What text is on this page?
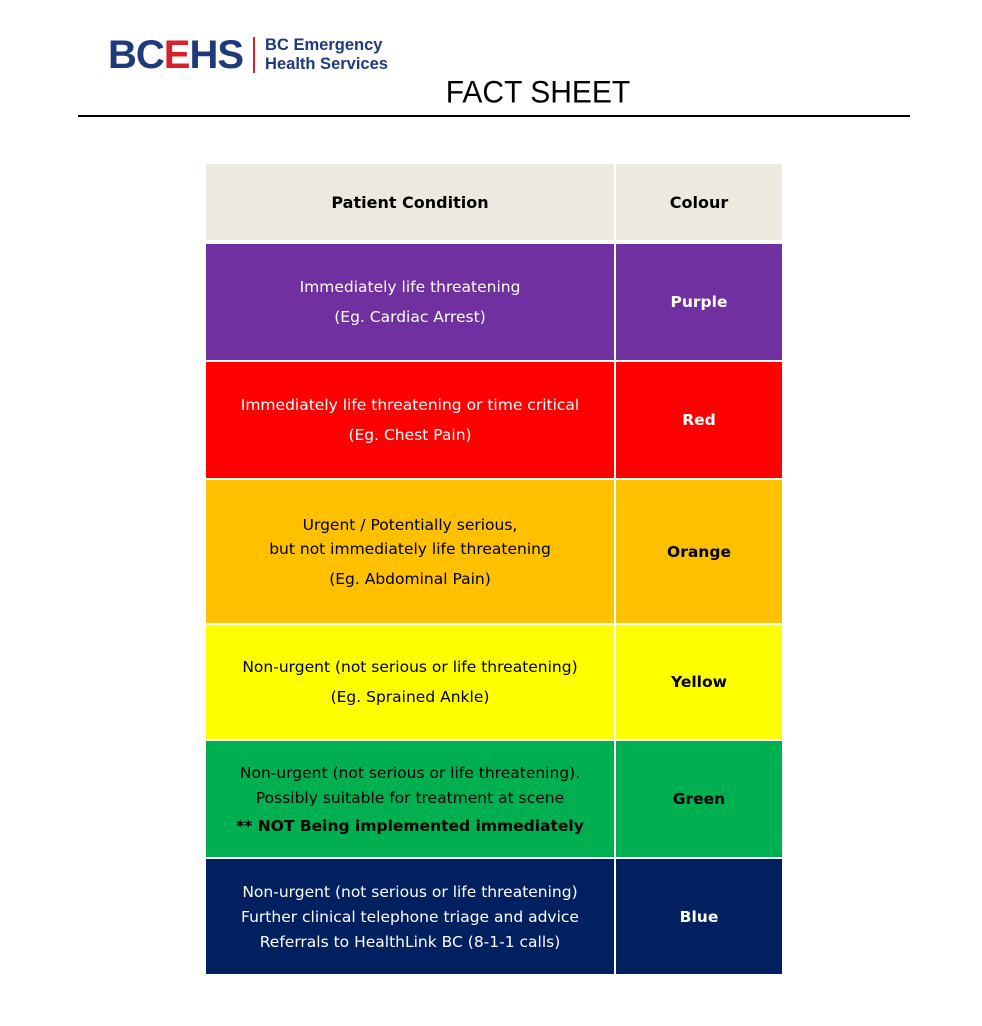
BCEHS BC Emergency
Health Services
FACT SHEET
Patient Condition	Colour
Immediately life threatening
(Eg. Cardiac Arrest)
Purple
Immediately life threatening or time critical
(Eg. Chest Pain)
Red
Urgent / Potentially serious,
but not immediately life threatening
(Eg. Abdominal Pain)
Orange
Non-urgent (not serious or life threatening)
(Eg. Sprained Ankle)
Yellow
Non-urgent (not serious or life threatening).
Possibly suitable for treatment at scene
** NOT Being implemented immediately
Green
Non-urgent (not serious or life threatening)
Further clinical telephone triage and advice
Referrals to HealthLink BC (8-1-1 calls)
Blue
